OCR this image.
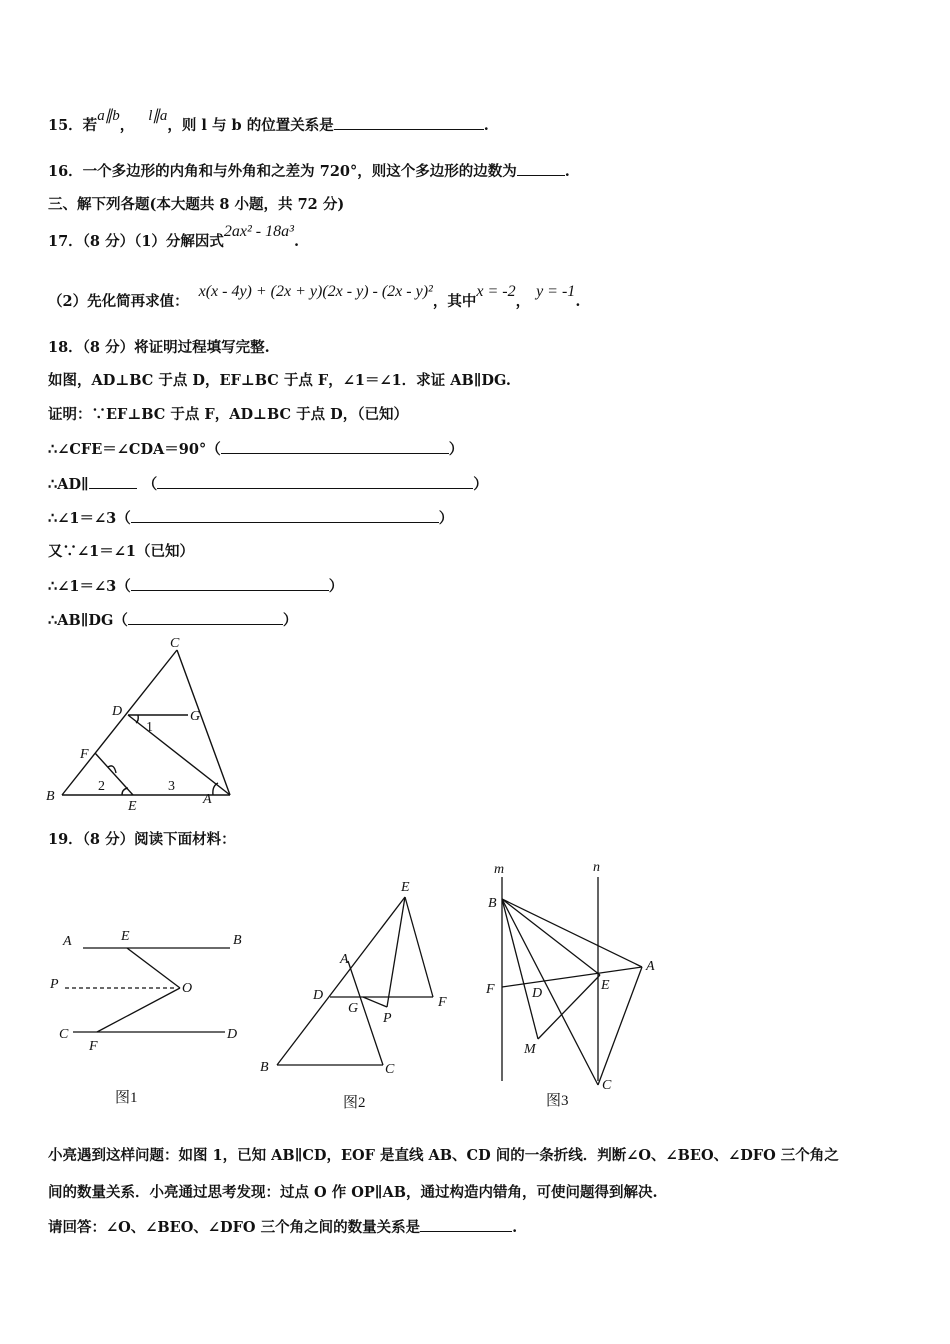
15．若a∥b，l∥a，则 l 与 b 的位置关系是	.
16．一个多边形的内角和与外角和之差为 720°，则这个多边形的边数为	.
三、解下列各题(本大题共 8 小题，共 72 分)
17．（8 分）（1）分解因式2ax² - 18a³.
（2）先化简再求值：x(x - 4y) + (2x + y)(2x - y) - (2x - y)²，其中x = -2，y = -1.
18．（8 分）将证明过程填写完整.
如图，AD⊥BC 于点 D，EF⊥BC 于点 F，∠1＝∠1．求证 AB∥DG.
证明：∵EF⊥BC 于点 F，AD⊥BC 于点 D，（已知）
∴∠CFE＝∠CDA＝90°（	）
∴AD∥	（	）
∴∠1＝∠3（	）
又∵∠1＝∠1（已知）
∴∠1＝∠3（	）
∴AB∥DG（	）
C
D	G
1
F
B
2
E
3
A
19．（8 分）阅读下面材料：
A	E	B
P	O
C
F
D
图1
E
A
D
G
P
F
B	C
图2
m	n
B
A
F	D
E
M
C
图3
小亮遇到这样问题：如图 1，已知 AB∥CD，EOF 是直线 AB、CD 间的一条折线．判断∠O、∠BEO、∠DFO 三个角之
间的数量关系．小亮通过思考发现：过点 O 作 OP∥AB，通过构造内错角，可使问题得到解决.
请回答：∠O、∠BEO、∠DFO 三个角之间的数量关系是	.
